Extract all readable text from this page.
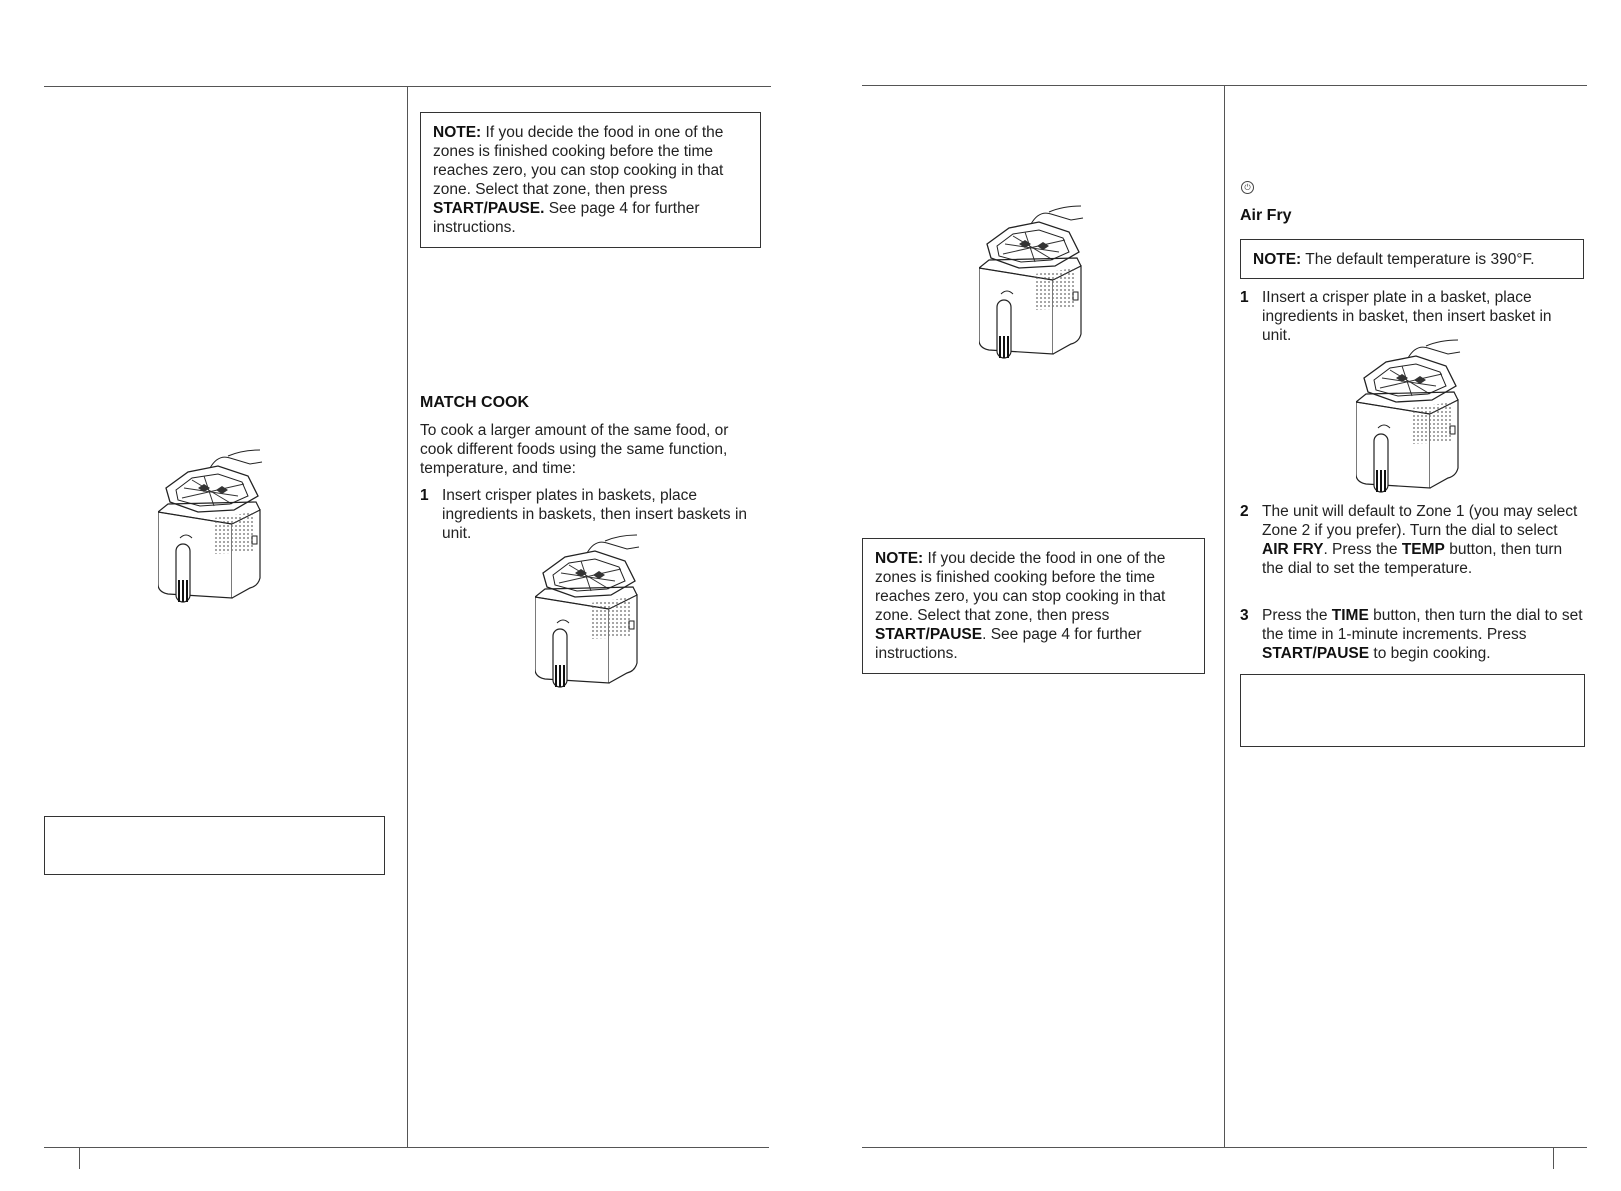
NOTE: If you decide the food in one of the zones is finished cooking before the time reaches zero, you can stop cooking in that zone. Select that zone, then press START/PAUSE. See page 4 for further instructions.
MATCH COOK
To cook a larger amount of the same food, or cook different foods using the same function, temperature, and time:
1 Insert crisper plates in baskets, place ingredients in baskets, then insert baskets in unit.
NOTE: If you decide the food in one of the zones is finished cooking before the time reaches zero, you can stop cooking in that zone. Select that zone, then press START/PAUSE. See page 4 for further instructions.
⏻
Air Fry
NOTE: The default temperature is 390°F.
1 IInsert a crisper plate in a basket, place ingredients in basket, then insert basket in unit.
2 The unit will default to Zone 1 (you may select Zone 2 if you prefer). Turn the dial to select AIR FRY. Press the TEMP button, then turn the dial to set the temperature.
3 Press the TIME button, then turn the dial to set the time in 1-minute increments. Press START/PAUSE to begin cooking.
